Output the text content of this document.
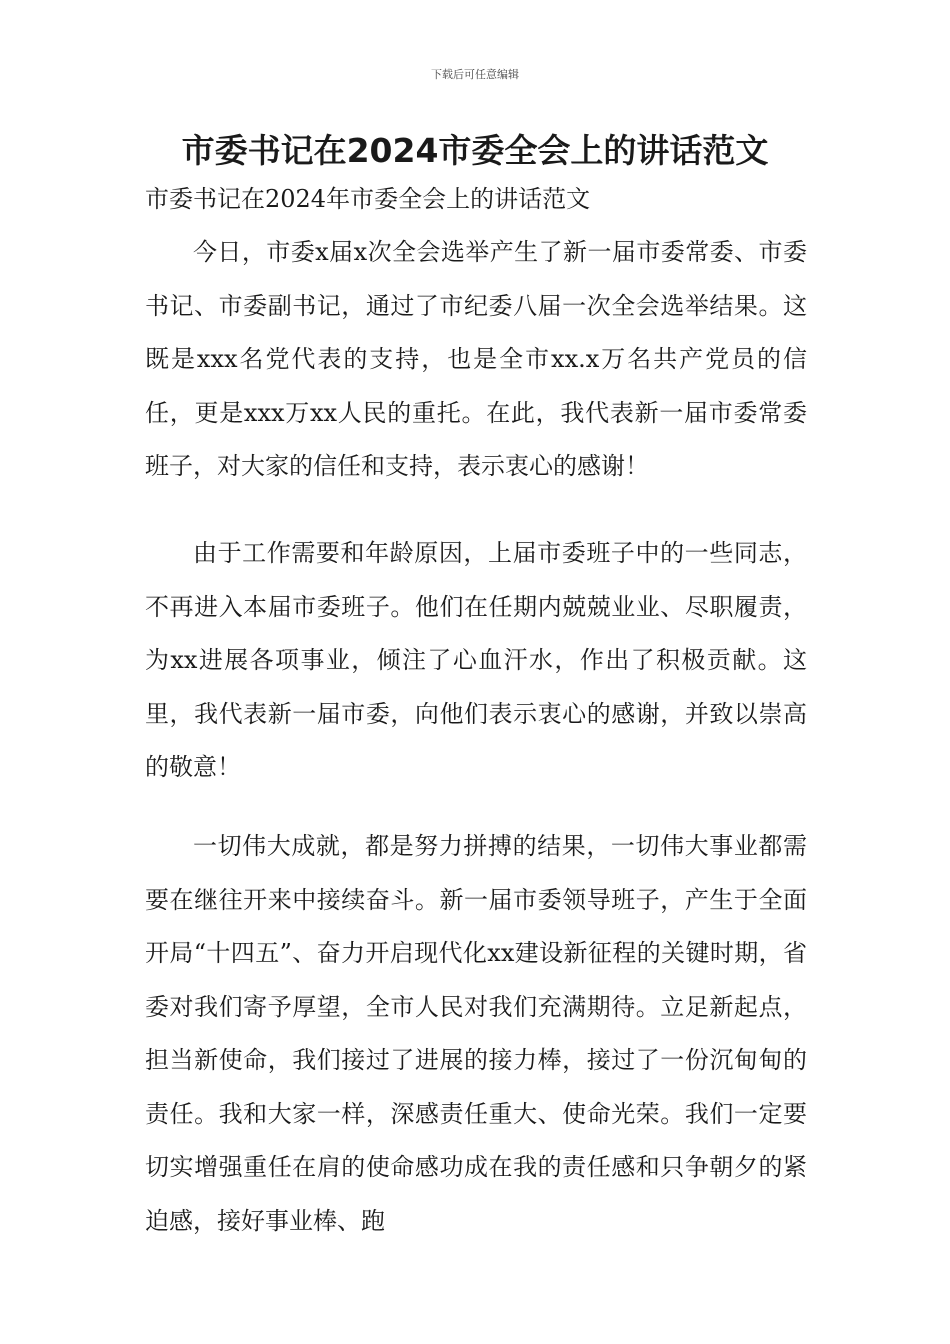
下载后可任意编辑
市委书记在2024市委全会上的讲话范文
市委书记在2024年市委全会上的讲话范文

今日，市委x届x次全会选举产生了新一届市委常委、市委书记、市委副书记，通过了市纪委八届一次全会选举结果。这既是xxx名党代表的支持，也是全市xx.x万名共产党员的信任，更是xxx万xx人民的重托。在此，我代表新一届市委常委班子，对大家的信任和支持，表示衷心的感谢！

由于工作需要和年龄原因，上届市委班子中的一些同志，不再进入本届市委班子。他们在任期内兢兢业业、尽职履责，为xx进展各项事业，倾注了心血汗水，作出了积极贡献。这里，我代表新一届市委，向他们表示衷心的感谢，并致以崇高的敬意！

一切伟大成就，都是努力拼搏的结果，一切伟大事业都需要在继往开来中接续奋斗。新一届市委领导班子，产生于全面开局“十四五”、奋力开启现代化xx建设新征程的关键时期，省委对我们寄予厚望，全市人民对我们充满期待。立足新起点，担当新使命，我们接过了进展的接力棒，接过了一份沉甸甸的责任。我和大家一样，深感责任重大、使命光荣。我们一定要切实增强重任在肩的使命感功成在我的责任感和只争朝夕的紧迫感，接好事业棒、跑
